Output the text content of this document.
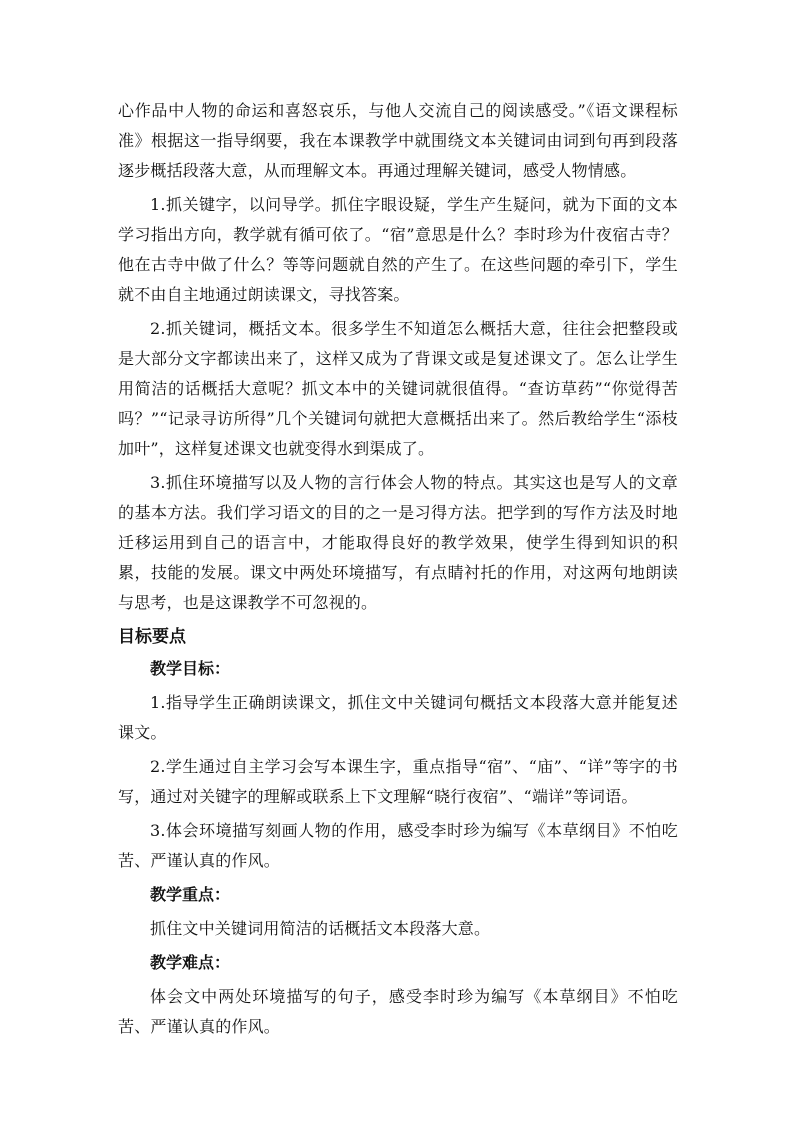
心作品中人物的命运和喜怒哀乐，与他人交流自己的阅读感受。”《语文课程标准》根据这一指导纲要，我在本课教学中就围绕文本关键词由词到句再到段落逐步概括段落大意，从而理解文本。再通过理解关键词，感受人物情感。

1.抓关键字，以问导学。抓住字眼设疑，学生产生疑问，就为下面的文本学习指出方向，教学就有循可依了。“宿”意思是什么？李时珍为什夜宿古寺？他在古寺中做了什么？等等问题就自然的产生了。在这些问题的牵引下，学生就不由自主地通过朗读课文，寻找答案。

2.抓关键词，概括文本。很多学生不知道怎么概括大意，往往会把整段或是大部分文字都读出来了，这样又成为了背课文或是复述课文了。怎么让学生用简洁的话概括大意呢？抓文本中的关键词就很值得。“查访草药”“你觉得苦吗？”“记录寻访所得”几个关键词句就把大意概括出来了。然后教给学生“添枝加叶”，这样复述课文也就变得水到渠成了。

3.抓住环境描写以及人物的言行体会人物的特点。其实这也是写人的文章的基本方法。我们学习语文的目的之一是习得方法。把学到的写作方法及时地迁移运用到自己的语言中，才能取得良好的教学效果，使学生得到知识的积累，技能的发展。课文中两处环境描写，有点睛衬托的作用，对这两句地朗读与思考，也是这课教学不可忽视的。

目标要点
教学目标：

1.指导学生正确朗读课文，抓住文中关键词句概括文本段落大意并能复述课文。

2.学生通过自主学习会写本课生字，重点指导“宿”、“庙”、“详”等字的书写，通过对关键字的理解或联系上下文理解“晓行夜宿”、“端详”等词语。

3.体会环境描写刻画人物的作用，感受李时珍为编写《本草纲目》不怕吃苦、严谨认真的作风。

教学重点：

抓住文中关键词用简洁的话概括文本段落大意。

教学难点：

体会文中两处环境描写的句子，感受李时珍为编写《本草纲目》不怕吃苦、严谨认真的作风。
